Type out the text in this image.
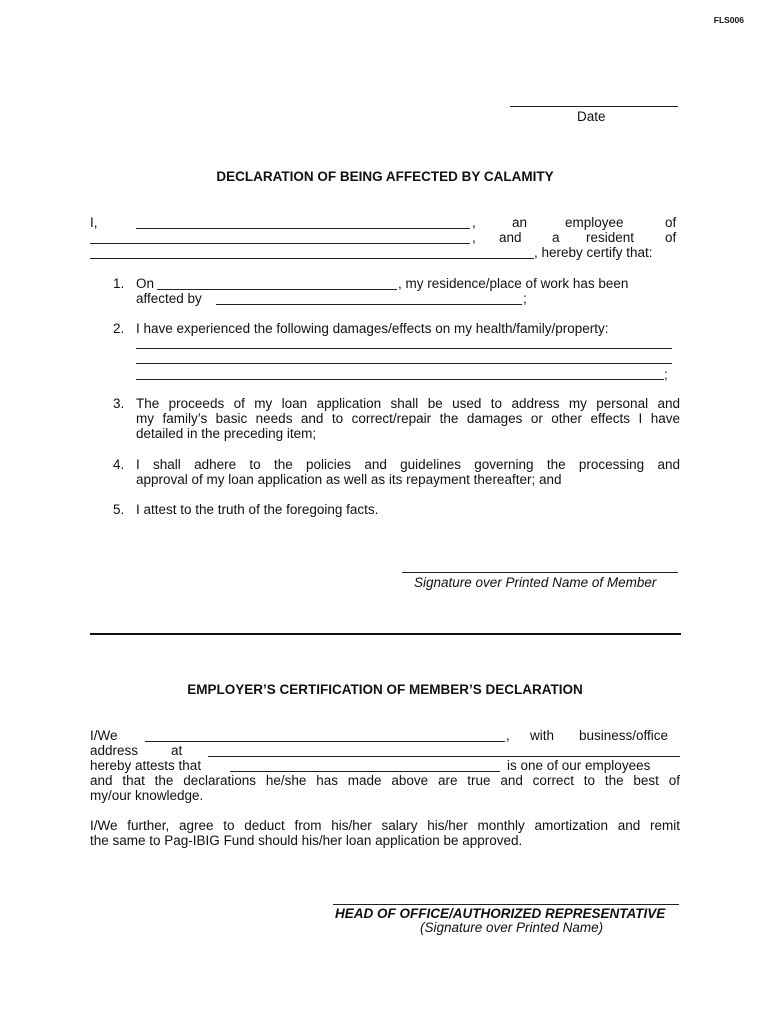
FLS006
Date
DECLARATION OF BEING AFFECTED BY CALAMITY
I,	,	an	employee	of
, and a resident of
, hereby certify that:
1. On	, my residence/place of work has been
affected by	;
2. I have experienced the following damages/effects on my health/family/property:
;
3. The proceeds of my loan application shall be used to address my personal and
my family’s basic needs and to correct/repair the damages or other effects I have
detailed in the preceding item;
4. I shall adhere to the policies and guidelines governing the processing and
approval of my loan application as well as its repayment thereafter; and
5. I attest to the truth of the foregoing facts.
Signature over Printed Name of Member
EMPLOYER’S CERTIFICATION OF MEMBER’S DECLARATION
I/We	, with business/office
address at
hereby attests that	is one of our employees
and that the declarations he/she has made above are true and correct to the best of
my/our knowledge.
I/We further, agree to deduct from his/her salary his/her monthly amortization and remit
the same to Pag-IBIG Fund should his/her loan application be approved.
HEAD OF OFFICE/AUTHORIZED REPRESENTATIVE
(Signature over Printed Name)
